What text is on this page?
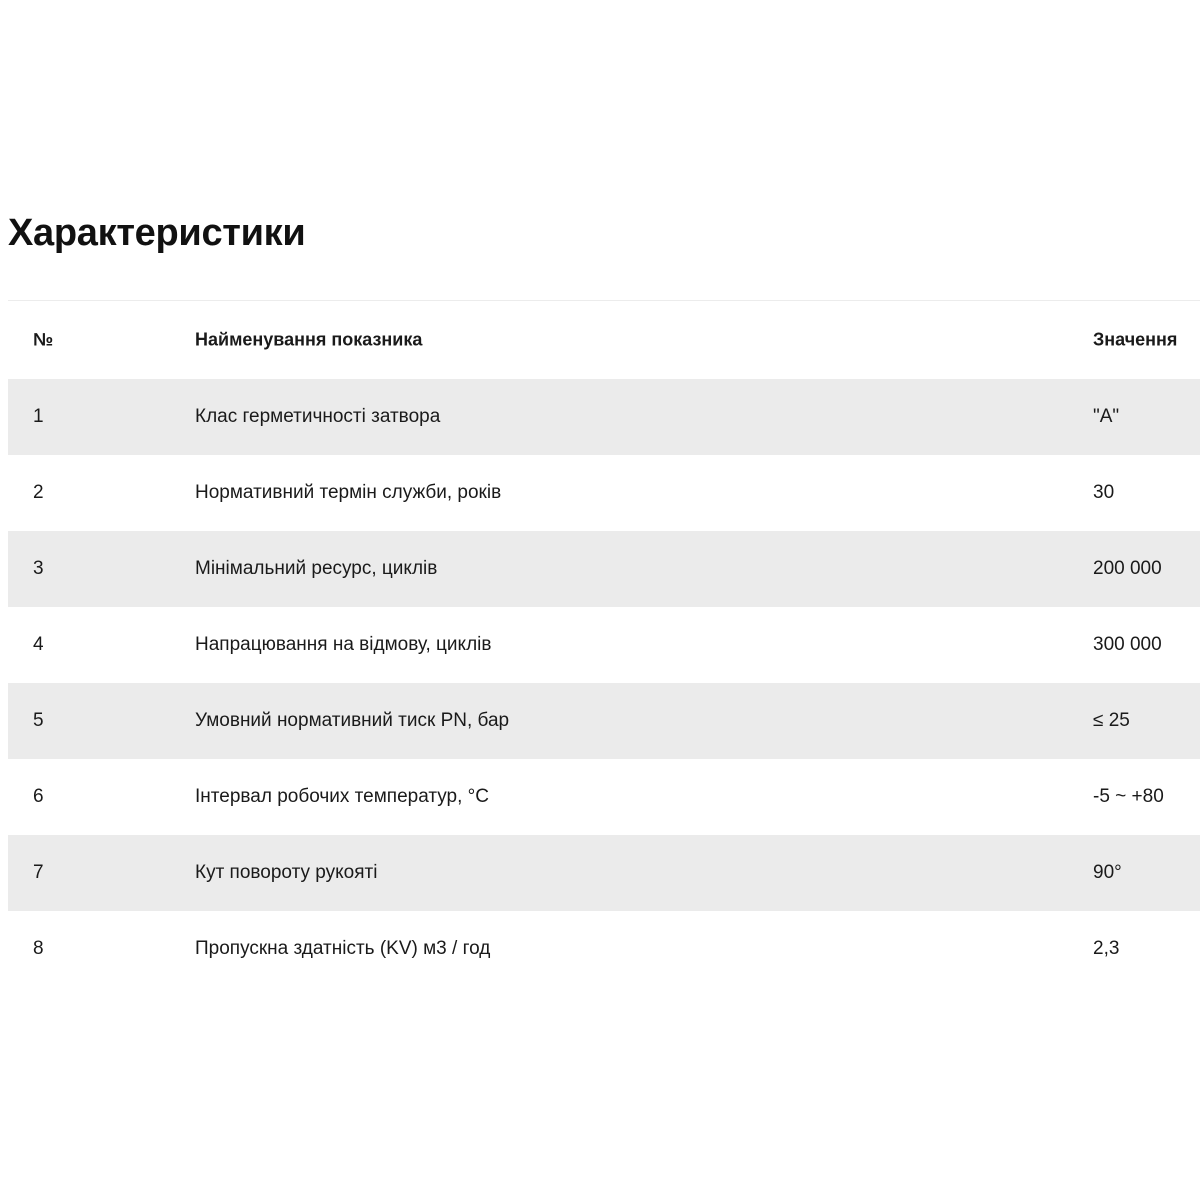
Характеристики
№	Найменування показника	Значення
1	Клас герметичності затвора	"A"
2	Нормативний термін служби, років	30
3	Мінімальний ресурс, циклів	200 000
4	Напрацювання на відмову, циклів	300 000
5	Умовний нормативний тиск PN, бар	≤ 25
6	Інтервал робочих температур, °С	-5 ~ +80
7	Кут повороту рукояті	90°
8	Пропускна здатність (KV) м3 / год	2,3
